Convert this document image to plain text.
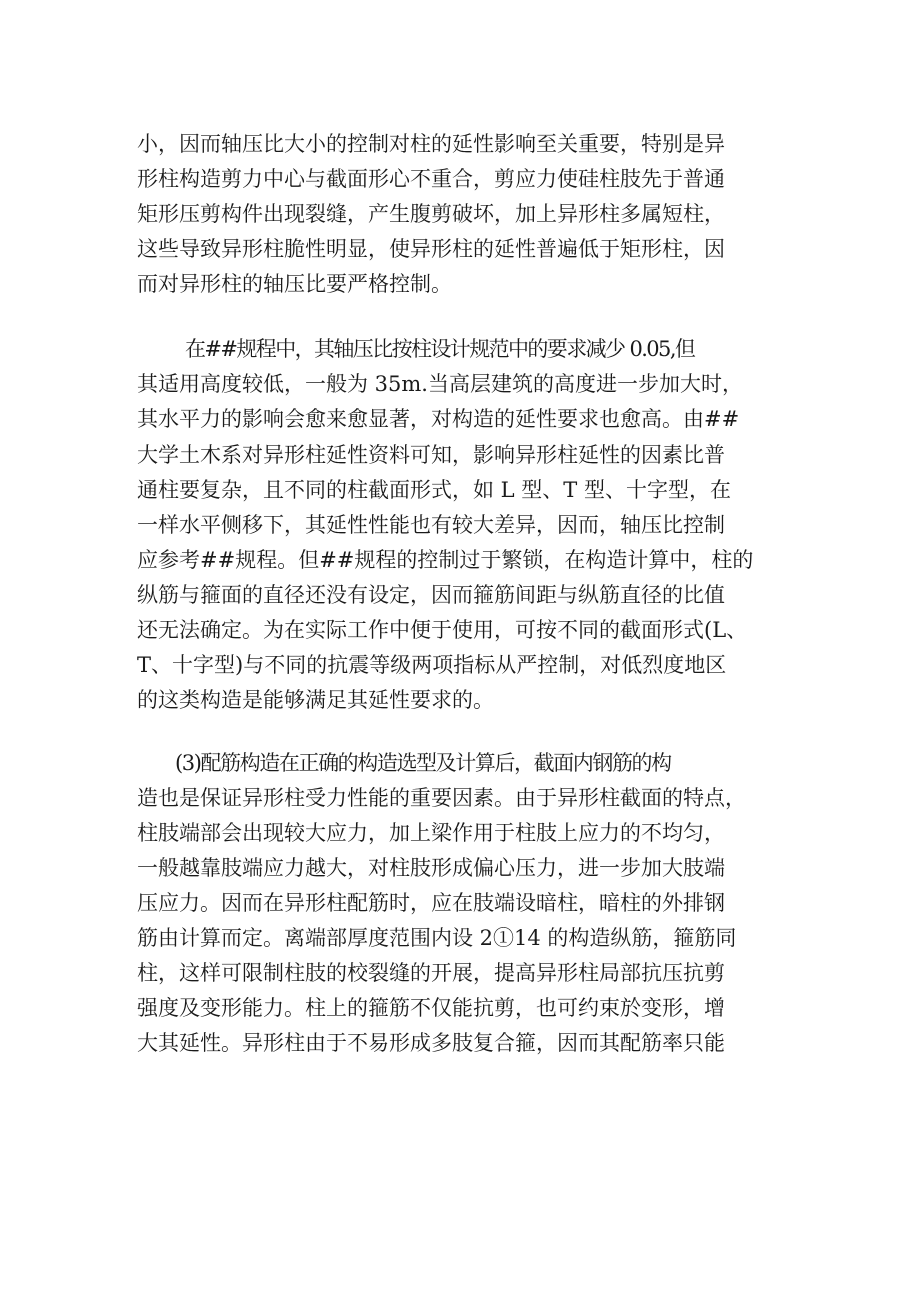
小，因而轴压比大小的控制对柱的延性影响至关重要，特别是异
形柱构造剪力中心与截面形心不重合，剪应力使硅柱肢先于普通
矩形压剪构件出现裂缝，产生腹剪破坏，加上异形柱多属短柱，
这些导致异形柱脆性明显，使异形柱的延性普遍低于矩形柱，因
而对异形柱的轴压比要严格控制。
在##规程中，其轴压比按柱设计规范中的要求减少 0.05,但
其适用高度较低，一般为 35m.当高层建筑的高度进一步加大时，
其水平力的影响会愈来愈显著，对构造的延性要求也愈高。由##
大学土木系对异形柱延性资料可知，影响异形柱延性的因素比普
通柱要复杂，且不同的柱截面形式，如 L 型、T 型、十字型，在
一样水平侧移下，其延性性能也有较大差异，因而，轴压比控制
应参考##规程。但##规程的控制过于繁锁，在构造计算中，柱的
纵筋与箍面的直径还没有设定，因而箍筋间距与纵筋直径的比值
还无法确定。为在实际工作中便于使用，可按不同的截面形式(L、
T、十字型)与不同的抗震等级两项指标从严控制，对低烈度地区
的这类构造是能够满足其延性要求的。
(3)配筋构造在正确的构造选型及计算后，截面内钢筋的构
造也是保证异形柱受力性能的重要因素。由于异形柱截面的特点，
柱肢端部会出现较大应力，加上梁作用于柱肢上应力的不均匀，
一般越靠肢端应力越大，对柱肢形成偏心压力，进一步加大肢端
压应力。因而在异形柱配筋时，应在肢端设暗柱，暗柱的外排钢
筋由计算而定。离端部厚度范围内设 2①14 的构造纵筋，箍筋同
柱，这样可限制柱肢的校裂缝的开展，提高异形柱局部抗压抗剪
强度及变形能力。柱上的箍筋不仅能抗剪，也可约束於变形，增
大其延性。异形柱由于不易形成多肢复合箍，因而其配筋率只能
